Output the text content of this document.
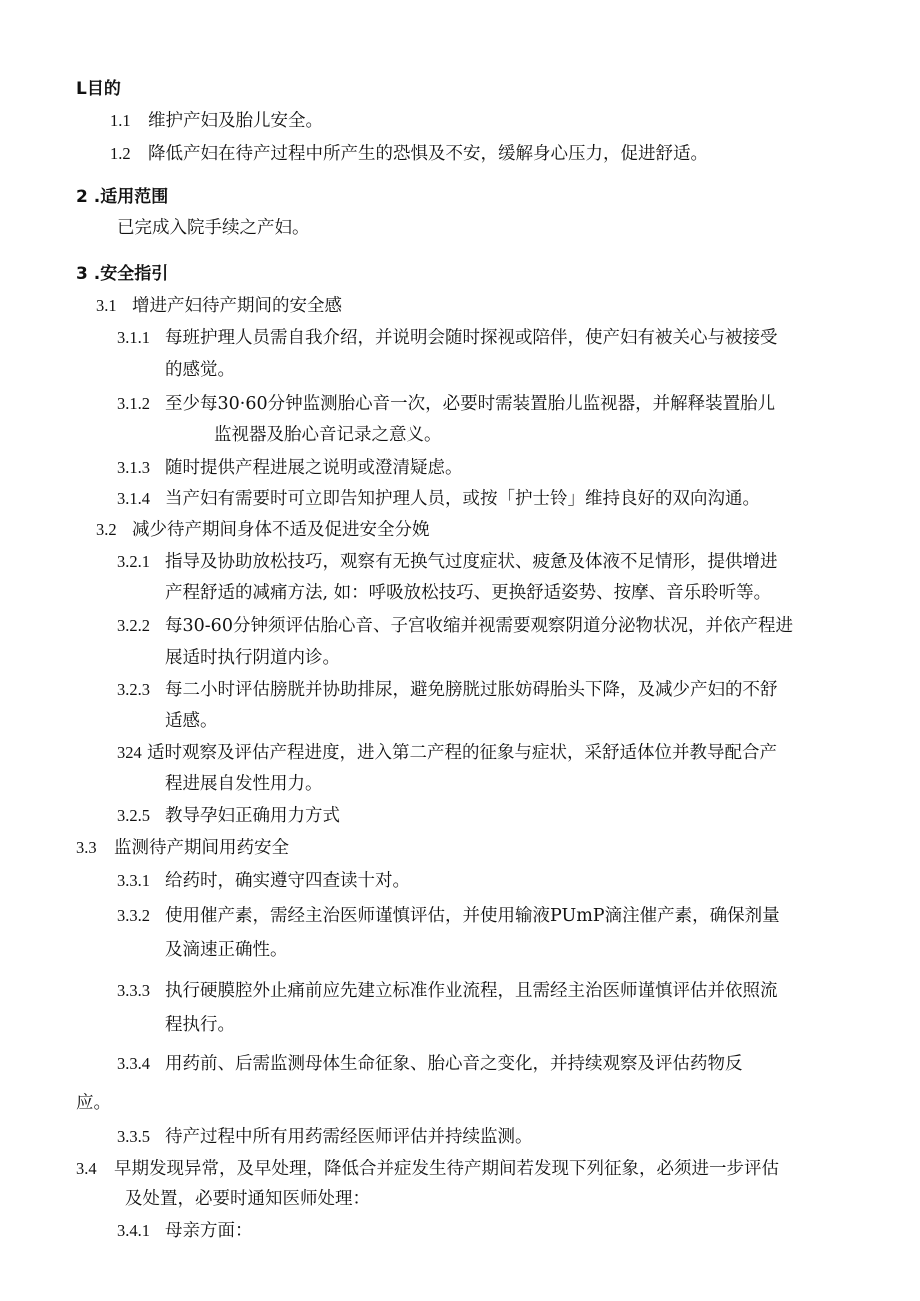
L目的
1.1 维护产妇及胎儿安全。
1.2 降低产妇在待产过程中所产生的恐惧及不安，缓解身心压力，促进舒适。
2 .适用范围
已完成入院手续之产妇。
3 .安全指引
3.1 增进产妇待产期间的安全感
3.1.1 每班护理人员需自我介绍，并说明会随时探视或陪伴，使产妇有被关心与被接受
的感觉。
3.1.2 至少每30·60分钟监测胎心音一次，必要时需装置胎儿监视器，并解释装置胎儿
监视器及胎心音记录之意义。
3.1.3 随时提供产程进展之说明或澄清疑虑。
3.1.4 当产妇有需要时可立即告知护理人员，或按「护士铃」维持良好的双向沟通。
3.2 减少待产期间身体不适及促进安全分娩
3.2.1 指导及协助放松技巧，观察有无换气过度症状、疲惫及体液不足情形，提供增进
产程舒适的减痛方法, 如：呼吸放松技巧、更换舒适姿势、按摩、音乐聆听等。
3.2.2 每30-60分钟须评估胎心音、子宫收缩并视需要观察阴道分泌物状况，并依产程进
展适时执行阴道内诊。
3.2.3 每二小时评估膀胱并协助排尿，避免膀胱过胀妨碍胎头下降，及减少产妇的不舒
适感。
324 适时观察及评估产程进度，进入第二产程的征象与症状，采舒适体位并教导配合产
程进展自发性用力。
3.2.5 教导孕妇正确用力方式
3.3 监测待产期间用药安全
3.3.1 给药时，确实遵守四查读十对。
3.3.2 使用催产素，需经主治医师谨慎评估，并使用输液PUmP滴注催产素，确保剂量
及滴速正确性。
3.3.3 执行硬膜腔外止痛前应先建立标准作业流程，且需经主治医师谨慎评估并依照流
程执行。
3.3.4 用药前、后需监测母体生命征象、胎心音之变化，并持续观察及评估药物反
应。
3.3.5 待产过程中所有用药需经医师评估并持续监测。
3.4 早期发现异常，及早处理，降低合并症发生待产期间若发现下列征象，必须进一步评估
及处置，必要时通知医师处理：
3.4.1 母亲方面：
